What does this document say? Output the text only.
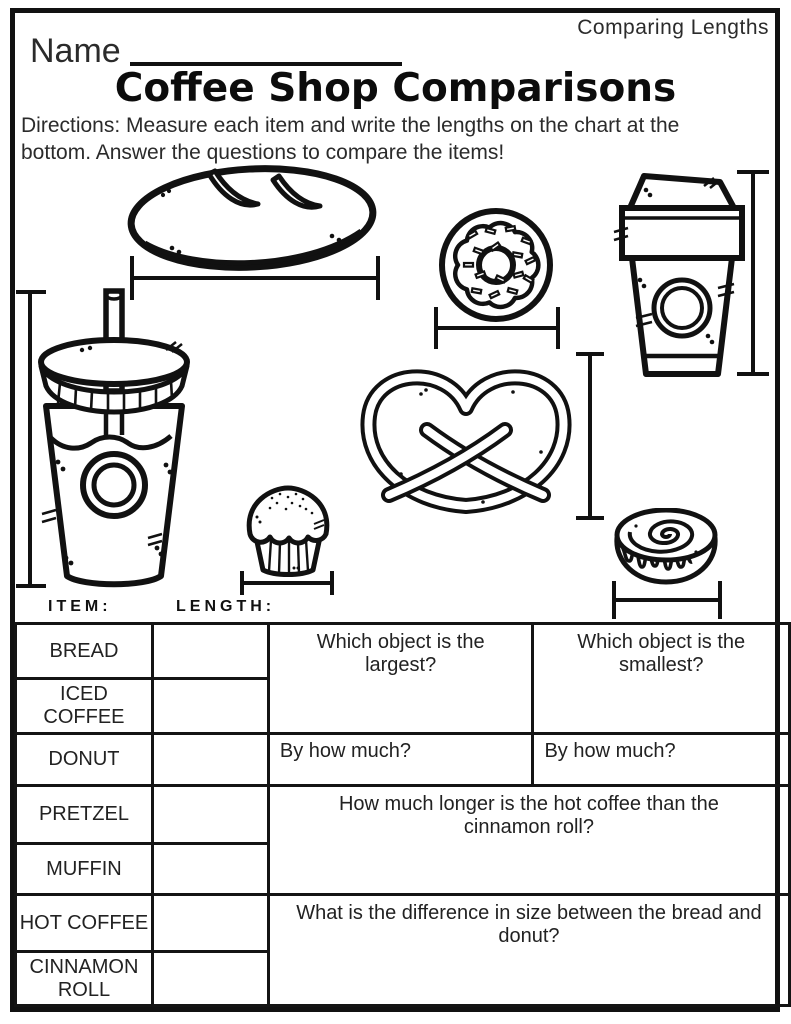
Comparing Lengths
Name
Coffee Shop Comparisons
Directions: Measure each item and write the lengths on the chart at the bottom. Answer the questions to compare the items!
ITEM:	LENGTH:
BREAD		Which object is the largest?	Which object is the smallest?
ICED COFFEE			
DONUT		By how much?	By how much?
PRETZEL		How much longer is the hot coffee than the cinnamon roll?	
MUFFIN			
HOT COFFEE		What is the difference in size between the bread and donut?	
CINNAMON ROLL			
